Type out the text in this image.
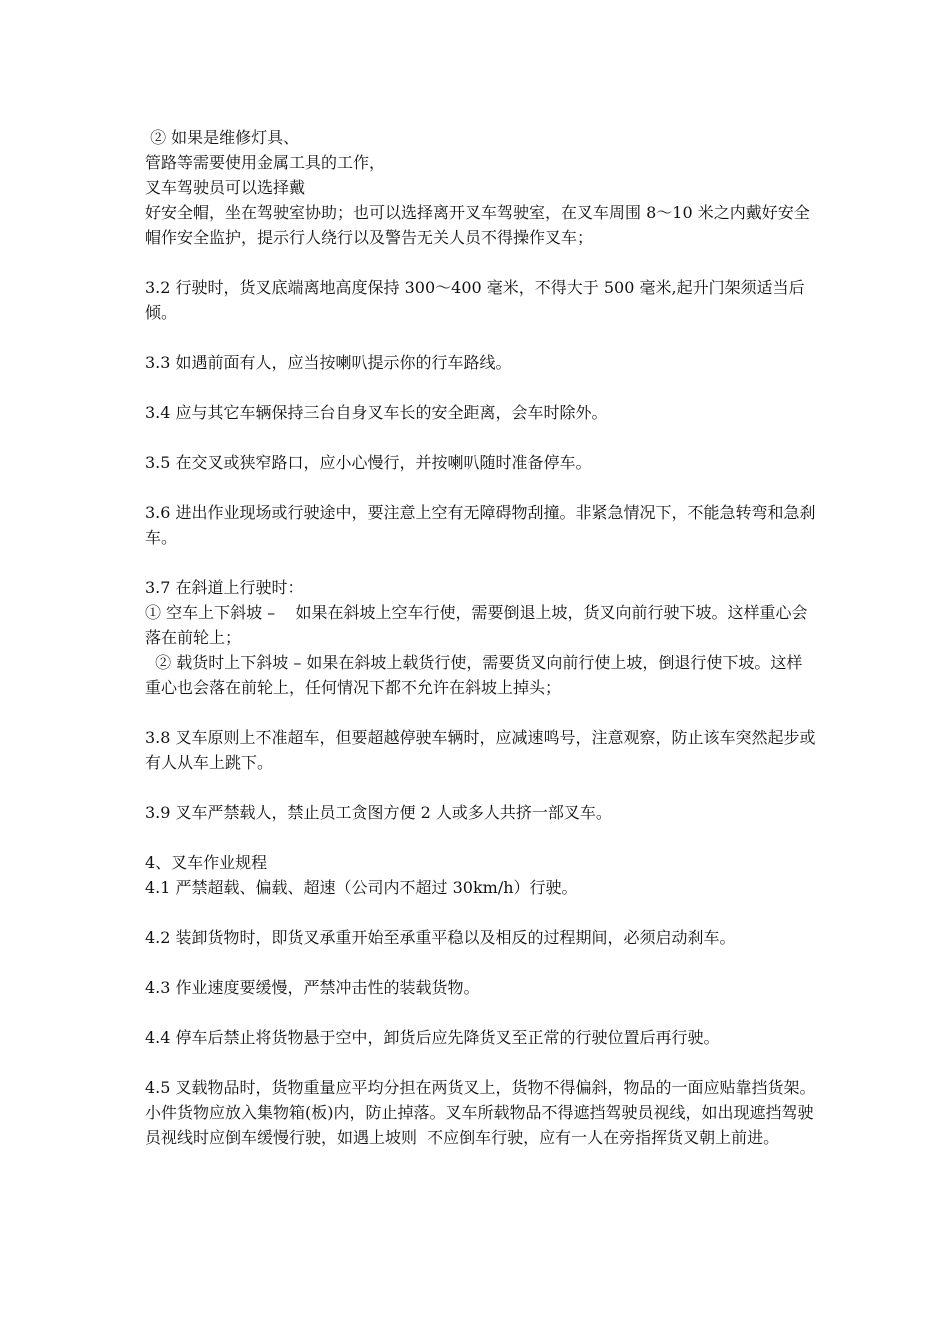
② 如果是维修灯具、
管路等需要使用金属工具的工作，
叉车驾驶员可以选择戴

好安全帽，坐在驾驶室协助；也可以选择离开叉车驾驶室，在叉车周围 8～10 米之内戴好安全帽作安全监护，提示行人绕行以及警告无关人员不得操作叉车；

3.2 行驶时，货叉底端离地高度保持 300～400 毫米，不得大于 500 毫米,起升门架须适当后倾。

3.3 如遇前面有人，应当按喇叭提示你的行车路线。

3.4 应与其它车辆保持三台自身叉车长的安全距离，会车时除外。

3.5 在交叉或狭窄路口，应小心慢行，并按喇叭随时准备停车。

3.6 进出作业现场或行驶途中，要注意上空有无障碍物刮撞。非紧急情况下，不能急转弯和急刹车。

3.7 在斜道上行驶时：

① 空车上下斜坡 –    如果在斜坡上空车行使，需要倒退上坡，货叉向前行驶下坡。这样重心会落在前轮上；

② 载货时上下斜坡 – 如果在斜坡上载货行使，需要货叉向前行使上坡，倒退行使下坡。这样重心也会落在前轮上，任何情况下都不允许在斜坡上掉头；

3.8 叉车原则上不准超车，但要超越停驶车辆时，应减速鸣号，注意观察，防止该车突然起步或有人从车上跳下。

3.9 叉车严禁载人，禁止员工贪图方便 2 人或多人共挤一部叉车。

4、叉车作业规程

4.1 严禁超载、偏载、超速（公司内不超过 30km/h）行驶。

4.2 装卸货物时，即货叉承重开始至承重平稳以及相反的过程期间，必须启动刹车。

4.3 作业速度要缓慢，严禁冲击性的装载货物。

4.4 停车后禁止将货物悬于空中，卸货后应先降货叉至正常的行驶位置后再行驶。

4.5 叉载物品时，货物重量应平均分担在两货叉上，货物不得偏斜，物品的一面应贴靠挡货架。小件货物应放入集物箱(板)内，防止掉落。叉车所载物品不得遮挡驾驶员视线，如出现遮挡驾驶员视线时应倒车缓慢行驶，如遇上坡则  不应倒车行驶，应有一人在旁指挥货叉朝上前进。
